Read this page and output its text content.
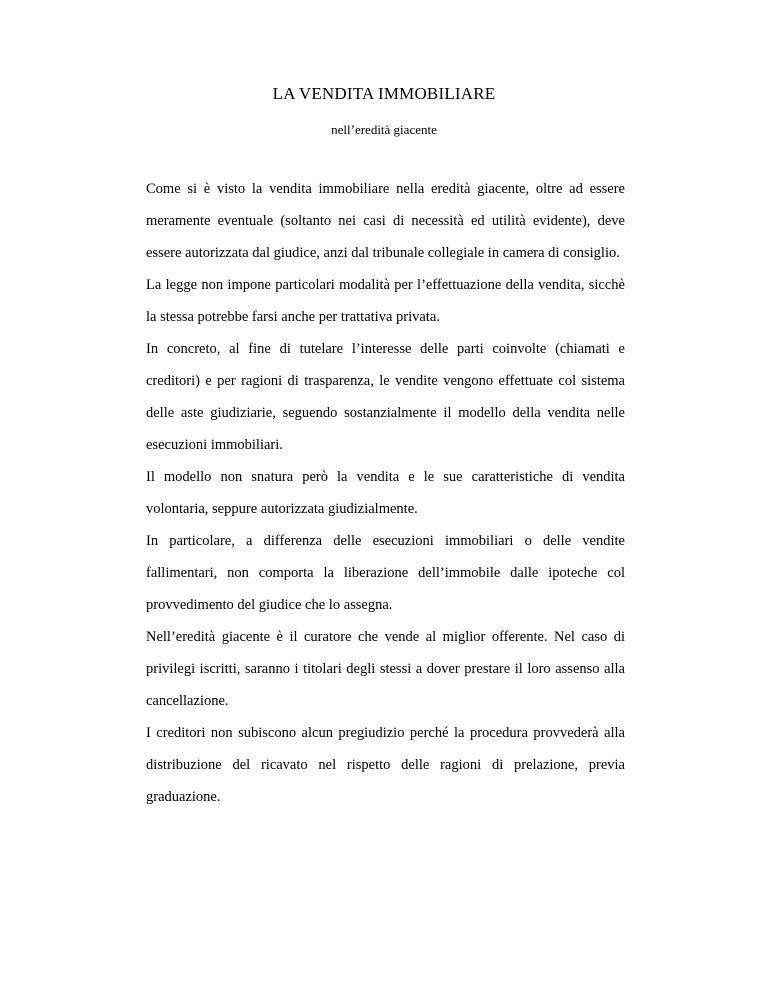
LA VENDITA IMMOBILIARE
nell’eredità giacente

Come si è visto la vendita immobiliare nella eredità giacente, oltre ad essere meramente eventuale (soltanto nei casi di necessità ed utilità evidente), deve essere autorizzata dal giudice, anzi dal tribunale collegiale in camera di consiglio.

La legge non impone particolari modalità per l’effettuazione della vendita, sicchè la stessa potrebbe farsi anche per trattativa privata.

In concreto, al fine di tutelare l’interesse delle parti coinvolte (chiamati e creditori) e per ragioni di trasparenza, le vendite vengono effettuate col sistema delle aste giudiziarie, seguendo sostanzialmente il modello della vendita nelle esecuzioni immobiliari.

Il modello non snatura però la vendita e le sue caratteristiche di vendita volontaria, seppure autorizzata giudizialmente.

In particolare, a differenza delle esecuzioni immobiliari o delle vendite fallimentari, non comporta la liberazione dell’immobile dalle ipoteche col provvedimento del giudice che lo assegna.

Nell’eredità giacente è il curatore che vende al miglior offerente. Nel caso di privilegi iscritti, saranno i titolari degli stessi a dover prestare il loro assenso alla cancellazione.

I creditori non subiscono alcun pregiudizio perché la procedura provvederà alla distribuzione del ricavato nel rispetto delle ragioni di prelazione, previa graduazione.
